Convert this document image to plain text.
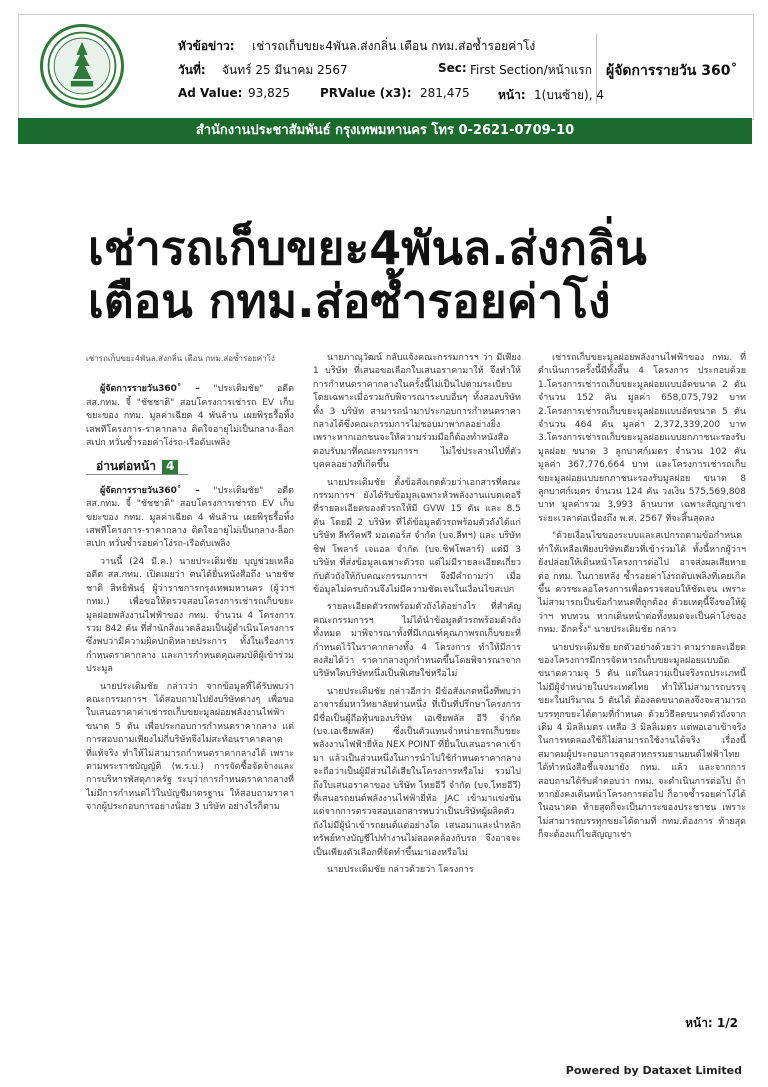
หัวข้อข่าว: เช่ารถเก็บขยะ4พันล.ส่งกลิ่น เตือน กทม.ส่อซ้ำรอยค่าโง่
วันที่: จันทร์ 25 มีนาคม 2567	Sec: First Section/หน้าแรก ผู้จัดการรายวัน 360˚
Ad Value: 93,825	PRValue (x3): 281,475 หน้า: 1(บนซ้าย), 4
สำนักงานประชาสัมพันธ์ กรุงเทพมหานคร โทร 0-2621-0709-10
เช่ารถเก็บขยะ4พันล.ส่งกลิ่น
เตือน กทม.ส่อซ้ำรอยค่าโง่
เช่ารถเก็บขยะ4พันล.ส่งกลิ่น เตือน กทม.ส่อซ้ำรอยค่าโง่

ผู้จัดการรายวัน360˚ – "ประเดิมชัย" อดีต สส.กทม. จี้ "ชัชชาติ" สอบโครงการเช่ารถ EV เก็บขยะของ กทม. มูลค่าเฉียด 4 พันล้าน เผยพิรุธรื้อทิ้งเสพทีโครงการ-ราคากลาง ติดใจอายุไม่เป็นกลาง-ล็อกสเปก หวั่นซ้ำรอยค่าโง่รถ-เรือดับเพลิง

อ่านต่อหน้า 4

ผู้จัดการรายวัน360˚ – "ประเดิมชัย" อดีต สส.กทม. จี้ "ชัชชาติ" สอบโครงการเช่ารถ EV เก็บขยะของ กทม. มูลค่าเฉียด 4 พันล้าน เผยพิรุธรื้อทิ้งเสพทีโครงการ-ราคากลาง ติดใจอายุไม่เป็นกลาง-ล็อกสเปก หวั่นซ้ำรอยค่าโง่รถ-เรือดับเพลิง

วานนี้ (24 มี.ค.) นายประเดิมชัย บุญช่วยเหลือ อดีต สส.กทม. เปิดเผยว่า ตนได้ยื่นหนังสือถึง นายชัชชาติ สิทธิพันธุ์ ผู้ว่าราชการกรุงเทพมหานคร (ผู้ว่าฯ กทม.) เพื่อขอให้ตรวจสอบโครงการเช่ารถเก็บขยะมูลฝอยพลังงานไฟฟ้าของ กทม. จำนวน 4 โครงการ รวม 842 คัน ที่สำนักสิ่งแวดล้อมเป็นผู้ดำเนินโครงการ ซึ่งพบว่ามีความผิดปกติหลายประการ ทั้งในเรื่องการกำหนดราคากลาง และการกำหนดคุณสมบัติผู้เข้าร่วมประมูล

นายประเดิมชัย กล่าวว่า จากข้อมูลที่ได้รับพบว่าคณะกรรมการฯ ได้สอบถามไปยังบริษัทต่างๆ เพื่อขอใบเสนอราคาค่าเช่ารถเก็บขยะมูลฝอยพลังงานไฟฟ้าขนาด 5 ตัน เพื่อประกอบการกำหนดราคากลาง แต่การสอบถามเพียงไม่กี่บริษัทจึงไม่สะท้อนราคาตลาดที่แท้จริง ทำให้ไม่สามารถกำหนดราคากลางได้ เพราะตามพระราชบัญญัติ (พ.ร.บ.) การจัดซื้อจัดจ้างและการบริหารพัสดุภาครัฐ ระบุว่าการกำหนดราคากลางที่ไม่มีการกำหนดไว้ในบัญชีมาตรฐาน ให้สอบถามราคาจากผู้ประกอบการอย่างน้อย 3 บริษัท อย่างไรก็ตาม

นายภาณุวัฒน์ กลับแจ้งคณะกรรมการฯ ว่า มีเพียง 1 บริษัท ที่เสนอขอเลือกใบเสนอราคามาให้ จึงทำให้การกำหนดราคากลางในครั้งนี้ไม่เป็นไปตามระเบียบ โดยเฉพาะเมื่อรวมกับพิจารณาระบบอื่นๆ ทั้งสองบริษัท ทั้ง 3 บริษัท สามารถนำมาประกอบการกำหนดราคากลางได้ซึ่งคณะกรรมการไม่ชอบมาพากลอย่างยิ่ง เพราะหากเอกชนจะให้ความร่วมมือก็ต้องทำหนังสือตอบรับมาที่คณะกรรมการฯ ไม่ใช่ประสานไปที่ตัวบุคคลอย่างที่เกิดขึ้น

นายประเดิมชัย ตั้งข้อสังเกตด้วยว่าเอกสารที่คณะกรรมการฯ ยังได้รับข้อมูลเฉพาะหัวพลังงานแบตเตอรี่ ที่รายละเอียดของตัวรถให้มี GVW 15 ตัน และ 8.5 ตัน โดยมี 2 บริษัท ที่ได้ข้อมูลตัวรถพร้อมตัวถังได้แก่ บริษัท ลีทริคฟรี มอเตอร์ส จำกัด (บจ.ลีทฯ) และ บริษัท ชิฟ โพลาร์ เจแอล จำกัด (บจ.ชิฟโพลาร์) แต่มี 3 บริษัท ที่ส่งข้อมูลเฉพาะตัวรถ แต่ไม่มีรายละเอียดเกี่ยวกับตัวถังให้กับคณะกรรมการฯ จึงมีคำถามว่า เมื่อข้อมูลไม่ครบถ้วนจึงไม่มีความชัดเจนในเงื่อนไขสเปก

รายละเอียดตัวรถพร้อมตัวถังได้อย่างไร ที่สำคัญ คณะกรรมการฯ ไม่ได้นำข้อมูลตัวรถพร้อมตัวถังทั้งหมด มาพิจารณาทั้งที่มีเกณฑ์คุณภาพรถเก็บขยะที่กำหนดไว้ในราคากลางทั้ง 4 โครงการ ทำให้มีการสงสัยได้ว่า ราคากลางถูกกำหนดขึ้นโดยพิจารณาจากบริษัทใดบริษัทหนึ่งเป็นพิเศษใช่หรือไม่

นายประเดิมชัย กล่าวอีกว่า มีข้อสังเกตหนึ่งที่พบว่า อาจารย์มหาวิทยาลัยท่านหนึ่ง ที่เป็นที่ปรึกษาโครงการ มีชื่อเป็นผู้ถือหุ้นของบริษัท เอเซียพลัส อีวี จำกัด (บจ.เอเชียพลัส) ซึ่งเป็นตัวแทนจำหน่ายรถเก็บขยะพลังงานไฟฟ้ายี่ห้อ NEX POINT ที่ยื่นใบเสนอราคาเข้ามา แล้วเป็นส่วนหนึ่งในการนำไปใช้กำหนดราคากลาง จะถือว่าเป็นผู้มีส่วนได้เสียในโครงการหรือไม่ รวมไปถึงใบเสนอราคาของ บริษัท ไทยอีวี จำกัด (บจ.ไทยอีวี) ที่เสนอรถยนต์พลังงานไฟฟ้ายี่ห้อ JAC เข้ามาแข่งขัน แต่จากการตรวจสอบเอกสารพบว่าเป็นบริษัทผู้ผลิตตัวถังไม่มีผู้นำเข้ารถยนต์แต่อย่างใด เสนอมาและนำหลักทรัพย์ทางบัญชีไปทำงานไม่สอดคล้องกับรถ จึงอาจจะเป็นเพียงตัวเลือกที่จัดทำขึ้นมาเองหรือไม่

นายประเดิมชัย กล่าวด้วยว่า โครงการ

เช่ารถเก็บขยะมูลฝอยพลังงานไฟฟ้าของ กทม. ที่ดำเนินการครั้งนี้มีทั้งสิ้น 4 โครงการ ประกอบด้วย 1.โครงการเช่ารถเก็บขยะมูลฝอยแบบอัดขนาด 2 ตัน จำนวน 152 คัน มูลค่า 658,075,792 บาท 2.โครงการเช่ารถเก็บขยะมูลฝอยแบบอัดขนาด 5 ตัน จำนวน 464 คัน มูลค่า 2,372,339,200 บาท 3.โครงการเช่ารถเก็บขยะมูลฝอยแบบยกภาชนะรองรับมูลฝอย ขนาด 3 ลูกบาศก์เมตร จำนวน 102 คัน มูลค่า 367,776,664 บาท และโครงการเช่ารถเก็บขยะมูลฝอยแบบยกภาชนะรองรับมูลฝอย ขนาด 8 ลูกบาศก์เมตร จำนวน 124 คัน วงเงิน 575,569,808 บาท มูลค่ารวม 3,993 ล้านบาท เฉพาะสัญญาเช่าระยะเวลาต่อเนื่องถึง พ.ศ. 2567 ที่จะสิ้นสุดลง

"ด้วยเงื่อนไขของระบบและสเปกรถตามข้อกำหนด ทำให้เหลือเพียงบริษัทเดียวที่เข้าร่วมได้ ทั้งนี้หากผู้ว่าฯ ยังปล่อยให้เดินหน้าโครงการต่อไป อาจส่งผลเสียหายต่อ กทม. ในภายหลัง ซ้ำรอยค่าโง่รถดับเพลิงที่เคยเกิดขึ้น ควรชะลอโครงการเพื่อตรวจสอบให้ชัดเจน เพราะไม่สามารถเป็นข้อกำหนดที่ถูกต้อง ด้วยเหตุนี้จึงขอให้ผู้ว่าฯ ทบทวน หากเดินหน้าต่อทั้งหมดจะเป็นค่าโง่ของ กทม. อีกครั้ง" นายประเดิมชัย กล่าว

นายประเดิมชัย ยกตัวอย่างด้วยว่า ตามรายละเอียดของโครงการมีการจัดหารถเก็บขยะมูลฝอยแบบอัด ขนาดความจุ 5 ตัน แต่ในความเป็นจริงรถประเภทนี้ไม่มีผู้จำหน่ายในประเทศไทย ทำให้ไม่สามารถบรรจุขยะในปริมาณ 5 ตันได้ ต้องลดขนาดลงจึงจะสามารถบรรทุกขยะได้ตามที่กำหนด ด้วยวิธีลดขนาดตัวถังจากเดิม 4 มิลลิเมตร เหลือ 3 มิลลิเมตร แต่พอเอาเข้าจริงในการทดลองใช้ก็ไม่สามารถใช้งานได้จริง เรื่องนี้สมาคมผู้ประกอบการอุตสาหกรรมยานยนต์ไฟฟ้าไทย ได้ทำหนังสือชี้แจงมายัง กทม. แล้ว และจากการสอบถามได้รับคำตอบว่า กทม. จะดำเนินการต่อไป ถ้าหากยังคงเดินหน้าโครงการต่อไป ก็อาจซ้ำรอยค่าโง่ได้ในอนาคต ท้ายสุดก็จะเป็นภาระของประชาชน เพราะไม่สามารถบรรทุกขยะได้ตามที่ กทม.ต้องการ ท้ายสุดก็จะต้องแก้ไขสัญญาเช่า

หน้า: 1/2
Powered by Dataxet Limited
